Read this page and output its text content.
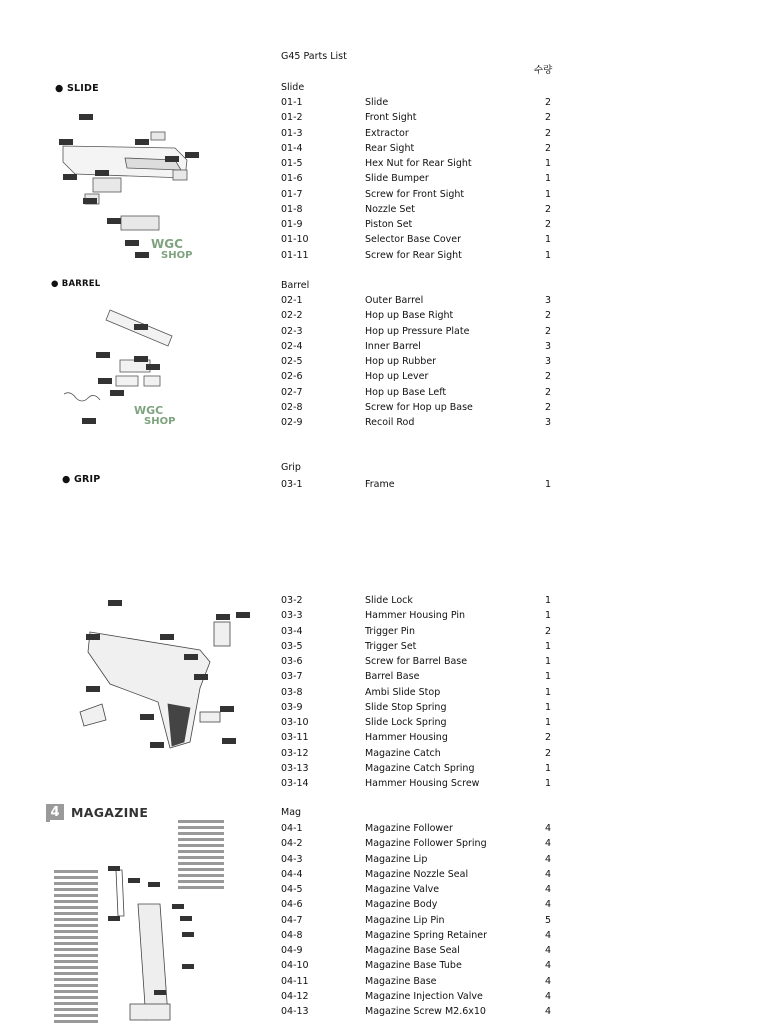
G45 Parts List
수량
● SLIDE
WGC
SHOP
Slide
01-1	Slide	2
01-2	Front Sight	2
01-3	Extractor	2
01-4	Rear Sight	2
01-5	Hex Nut for Rear Sight	1
01-6	Slide Bumper	1
01-7	Screw for Front Sight	1
01-8	Nozzle Set	2
01-9	Piston Set	2
01-10	Selector Base Cover	1
01-11	Screw for Rear Sight	1
● BARREL
WGC
SHOP
Barrel
02-1	Outer Barrel	3
02-2	Hop up Base Right	2
02-3	Hop up Pressure Plate	2
02-4	Inner Barrel	3
02-5	Hop up Rubber	3
02-6	Hop up Lever	2
02-7	Hop up Base Left	2
02-8	Screw for Hop up Base	2
02-9	Recoil Rod	3
● GRIP
Grip
03-1	Frame	1
03-2	Slide Lock	1
03-3	Hammer Housing Pin	1
03-4	Trigger Pin	2
03-5	Trigger Set	1
03-6	Screw for Barrel Base	1
03-7	Barrel Base	1
03-8	Ambi Slide Stop	1
03-9	Slide Stop Spring	1
03-10	Slide Lock Spring	1
03-11	Hammer Housing	2
03-12	Magazine Catch	2
03-13	Magazine Catch Spring	1
03-14	Hammer Housing Screw	1
4 MAGAZINE	Mag
04-1	Magazine Follower	4
04-2	Magazine Follower Spring	4
04-3	Magazine Lip	4
04-4	Magazine Nozzle Seal	4
04-5	Magazine Valve	4
04-6	Magazine Body	4
04-7	Magazine Lip Pin	5
04-8	Magazine Spring Retainer	4
04-9	Magazine Base Seal	4
04-10	Magazine Base Tube	4
04-11	Magazine Base	4
04-12	Magazine Injection Valve	4
04-13	Magazine Screw M2.6x10	4
